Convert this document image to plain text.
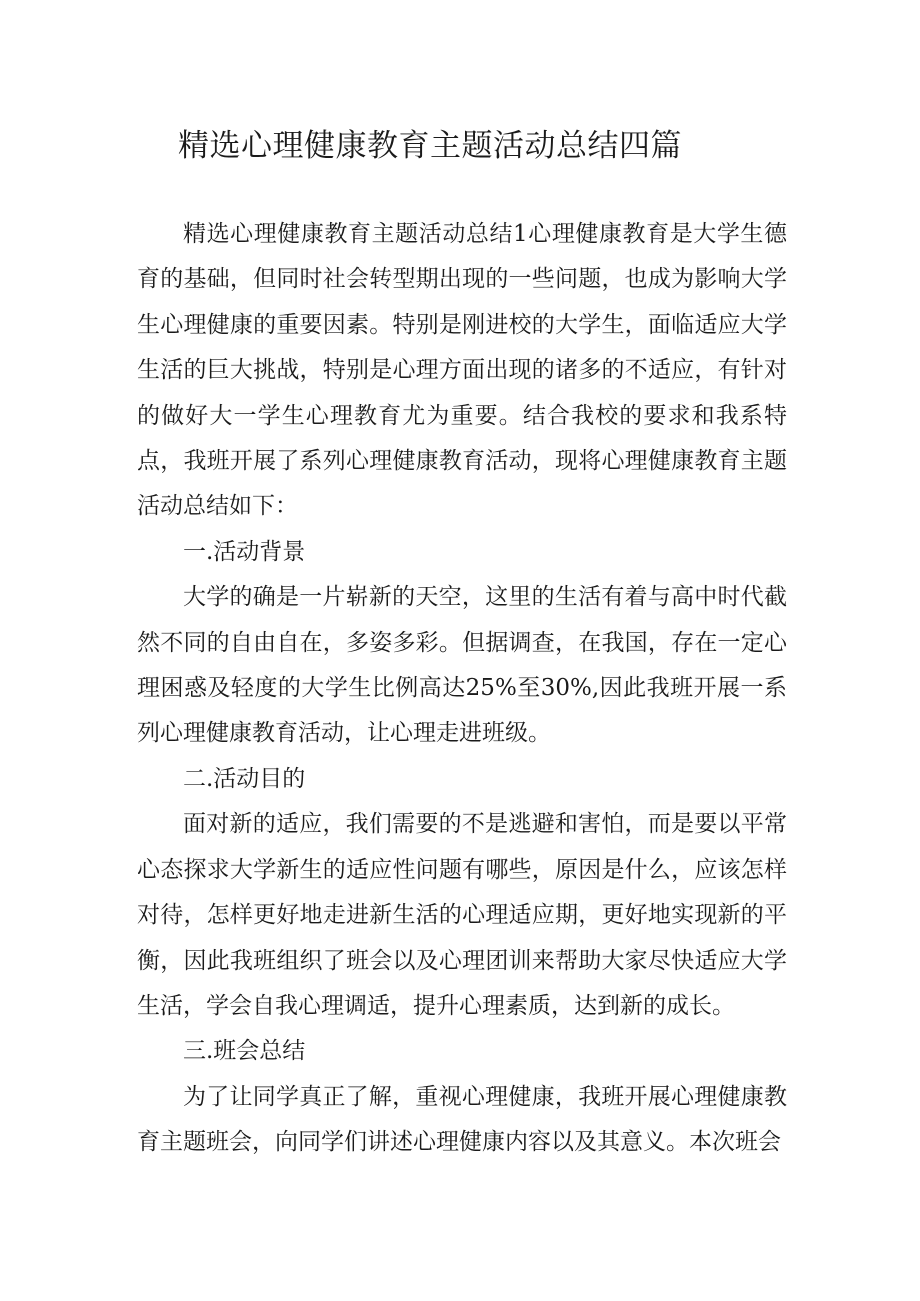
精选心理健康教育主题活动总结四篇

精选心理健康教育主题活动总结1心理健康教育是大学生德育的基础，但同时社会转型期出现的一些问题，也成为影响大学生心理健康的重要因素。特别是刚进校的大学生，面临适应大学生活的巨大挑战，特别是心理方面出现的诸多的不适应，有针对的做好大一学生心理教育尤为重要。结合我校的要求和我系特点，我班开展了系列心理健康教育活动，现将心理健康教育主题活动总结如下：

一.活动背景

大学的确是一片崭新的天空，这里的生活有着与高中时代截然不同的自由自在，多姿多彩。但据调查，在我国，存在一定心理困惑及轻度的大学生比例高达25%至30%,因此我班开展一系列心理健康教育活动，让心理走进班级。

二.活动目的

面对新的适应，我们需要的不是逃避和害怕，而是要以平常心态探求大学新生的适应性问题有哪些，原因是什么，应该怎样对待，怎样更好地走进新生活的心理适应期，更好地实现新的平衡，因此我班组织了班会以及心理团训来帮助大家尽快适应大学生活，学会自我心理调适，提升心理素质，达到新的成长。

三.班会总结

为了让同学真正了解，重视心理健康，我班开展心理健康教育主题班会，向同学们讲述心理健康内容以及其意义。本次班会
